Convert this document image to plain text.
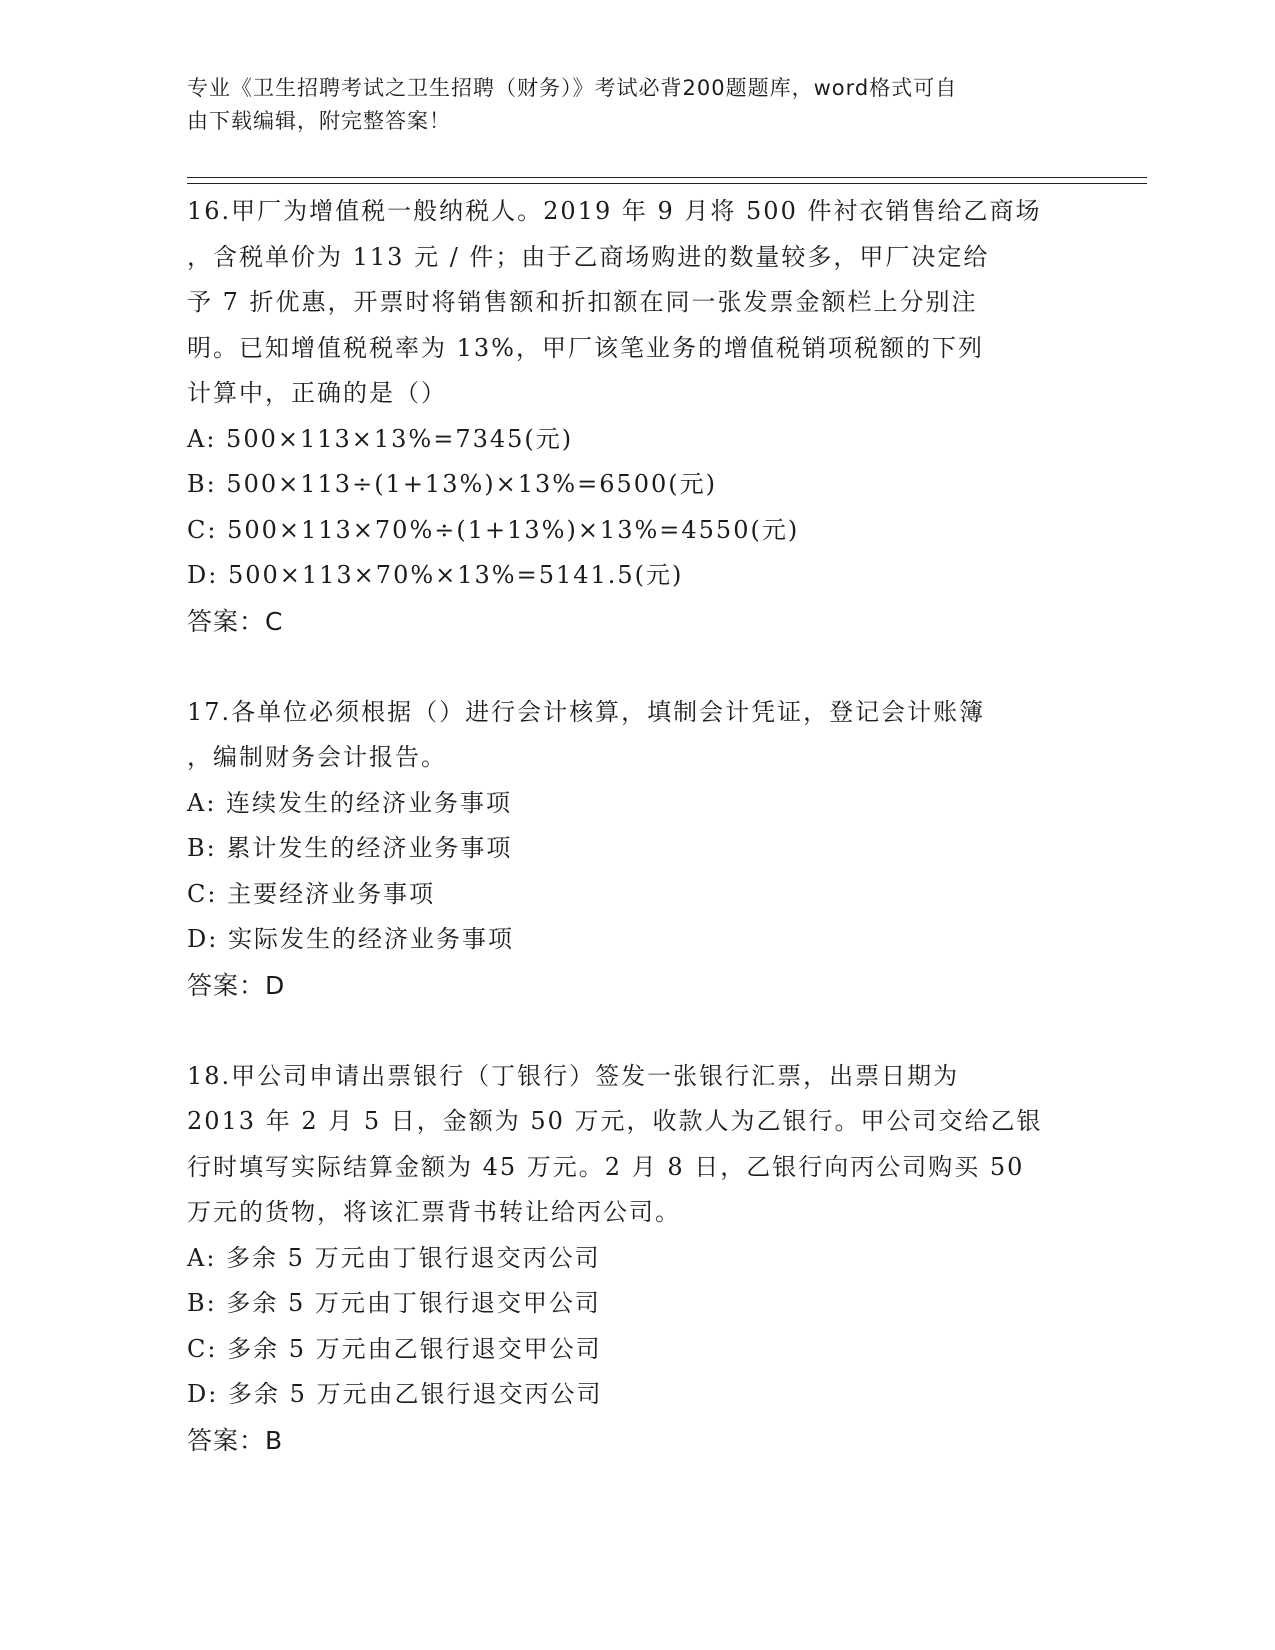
专业《卫生招聘考试之卫生招聘（财务）》考试必背200题题库，word格式可自
由下载编辑，附完整答案！
16.甲厂为增值税一般纳税人。2019 年 9 月将 500 件衬衣销售给乙商场
，含税单价为 113 元 / 件；由于乙商场购进的数量较多，甲厂决定给
予 7 折优惠，开票时将销售额和折扣额在同一张发票金额栏上分别注
明。已知增值税税率为 13%，甲厂该笔业务的增值税销项税额的下列
计算中，正确的是（）
A: 500×113×13%=7345(元)
B: 500×113÷(1+13%)×13%=6500(元)
C: 500×113×70%÷(1+13%)×13%=4550(元)
D: 500×113×70%×13%=5141.5(元)
答案：C
17.各单位必须根据（）进行会计核算，填制会计凭证，登记会计账簿
，编制财务会计报告。
A: 连续发生的经济业务事项
B: 累计发生的经济业务事项
C: 主要经济业务事项
D: 实际发生的经济业务事项
答案：D
18.甲公司申请出票银行（丁银行）签发一张银行汇票，出票日期为
2013 年 2 月 5 日，金额为 50 万元，收款人为乙银行。甲公司交给乙银
行时填写实际结算金额为 45 万元。2 月 8 日，乙银行向丙公司购买 50
万元的货物，将该汇票背书转让给丙公司。
A: 多余 5 万元由丁银行退交丙公司
B: 多余 5 万元由丁银行退交甲公司
C: 多余 5 万元由乙银行退交甲公司
D: 多余 5 万元由乙银行退交丙公司
答案：B
